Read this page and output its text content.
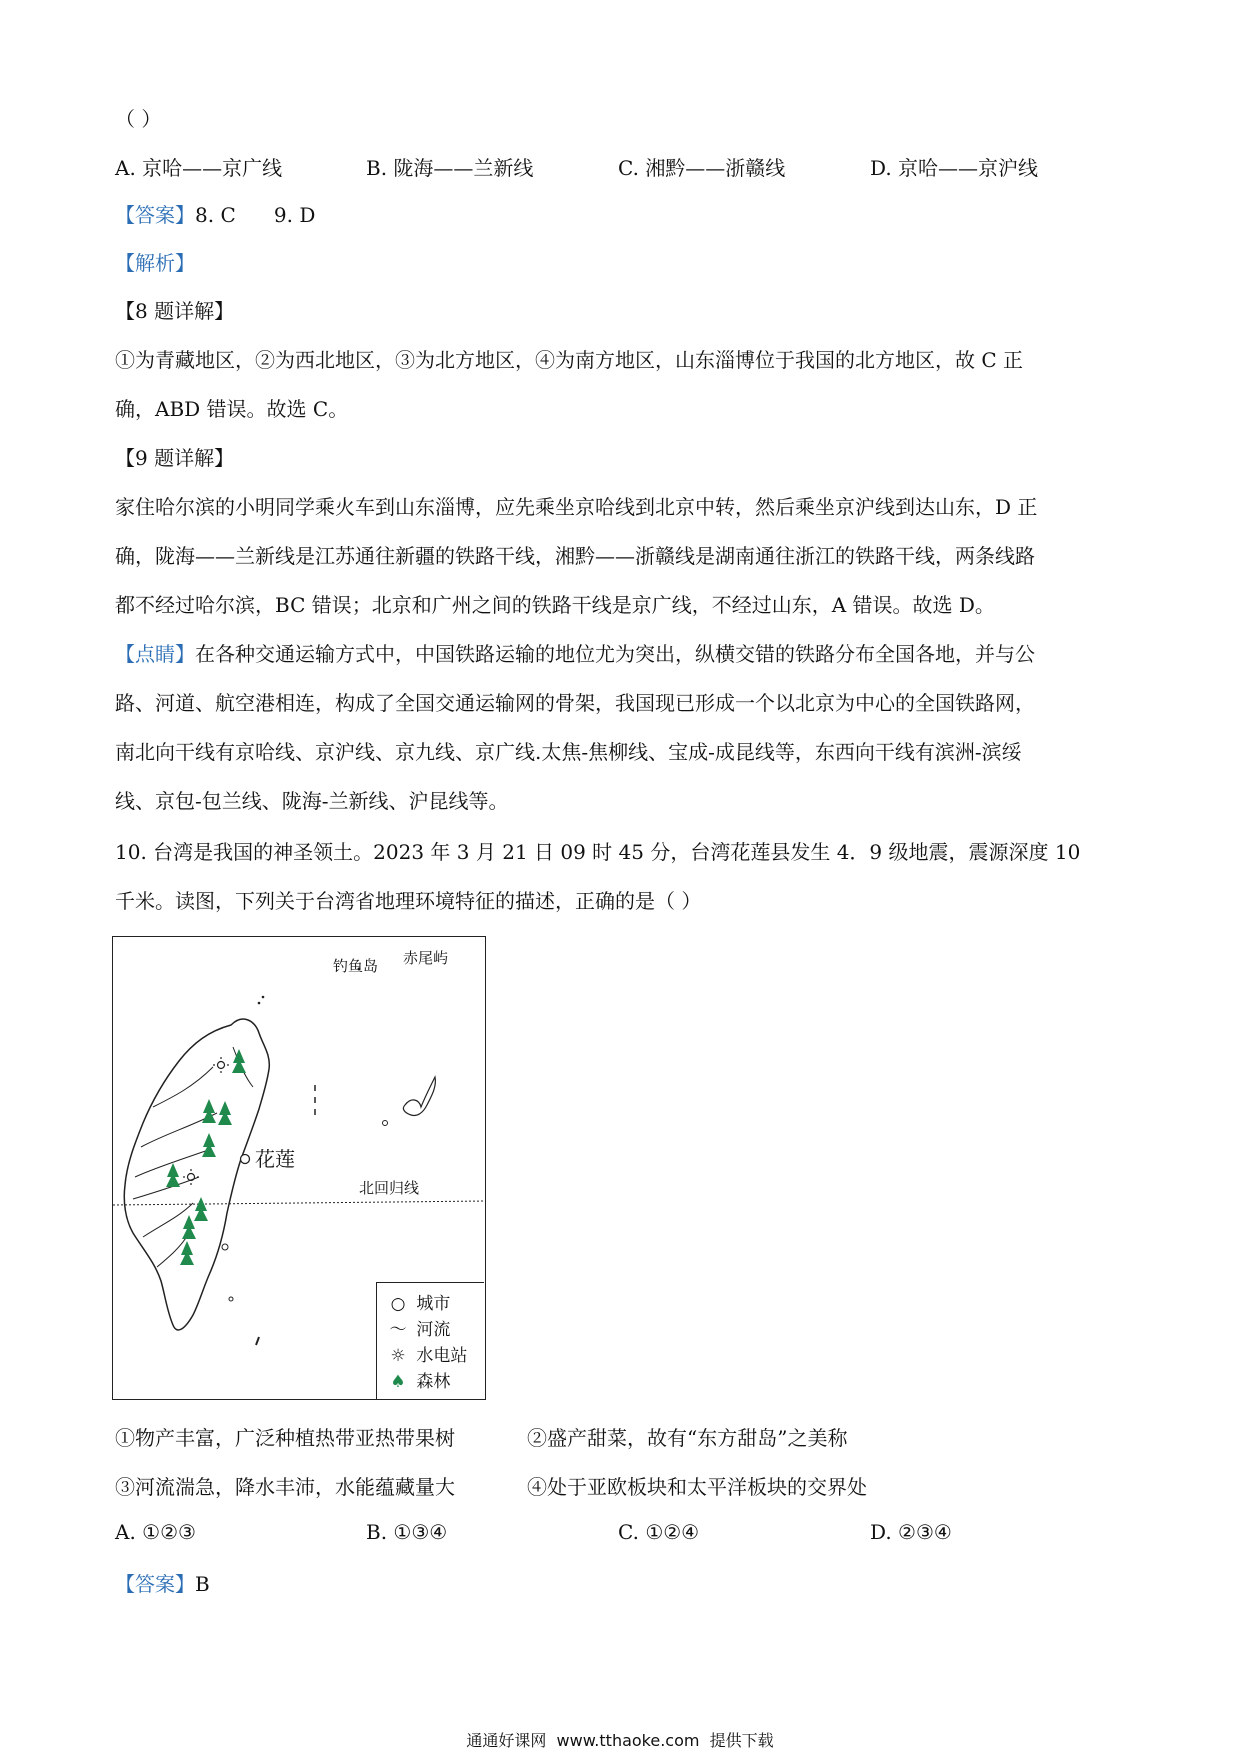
（ ）
A. 京哈——京广线	B. 陇海——兰新线	C. 湘黔——浙赣线	D. 京哈——京沪线
【答案】8. C      9. D
【解析】
【8 题详解】
①为青藏地区，②为西北地区，③为北方地区，④为南方地区，山东淄博位于我国的北方地区，故 C 正
确，ABD 错误。故选 C。
【9 题详解】
家住哈尔滨的小明同学乘火车到山东淄博，应先乘坐京哈线到北京中转，然后乘坐京沪线到达山东，D 正
确，陇海——兰新线是江苏通往新疆的铁路干线，湘黔——浙赣线是湖南通往浙江的铁路干线，两条线路
都不经过哈尔滨，BC 错误；北京和广州之间的铁路干线是京广线，不经过山东，A 错误。故选 D。
【点睛】在各种交通运输方式中，中国铁路运输的地位尤为突出，纵横交错的铁路分布全国各地，并与公
路、河道、航空港相连，构成了全国交通运输网的骨架，我国现已形成一个以北京为中心的全国铁路网，
南北向干线有京哈线、京沪线、京九线、京广线.太焦-焦柳线、宝成-成昆线等，东西向干线有滨洲-滨绥
线、京包-包兰线、陇海-兰新线、沪昆线等。
10. 台湾是我国的神圣领土。2023 年 3 月 21 日 09 时 45 分，台湾花莲县发生 4．9 级地震，震源深度 10
千米。读图，下列关于台湾省地理环境特征的描述，正确的是（ ）
钓鱼岛 赤尾屿
花莲
北回归线
○ 城市
～ 河流
☼ 水电站
♠ 森林
①物产丰富，广泛种植热带亚热带果树	②盛产甜菜，故有“东方甜岛”之美称
③河流湍急，降水丰沛，水能蕴藏量大	④处于亚欧板块和太平洋板块的交界处
A. ①②③	B. ①③④	C. ①②④	D. ②③④
【答案】B
通通好课网  www.tthaoke.com  提供下载
